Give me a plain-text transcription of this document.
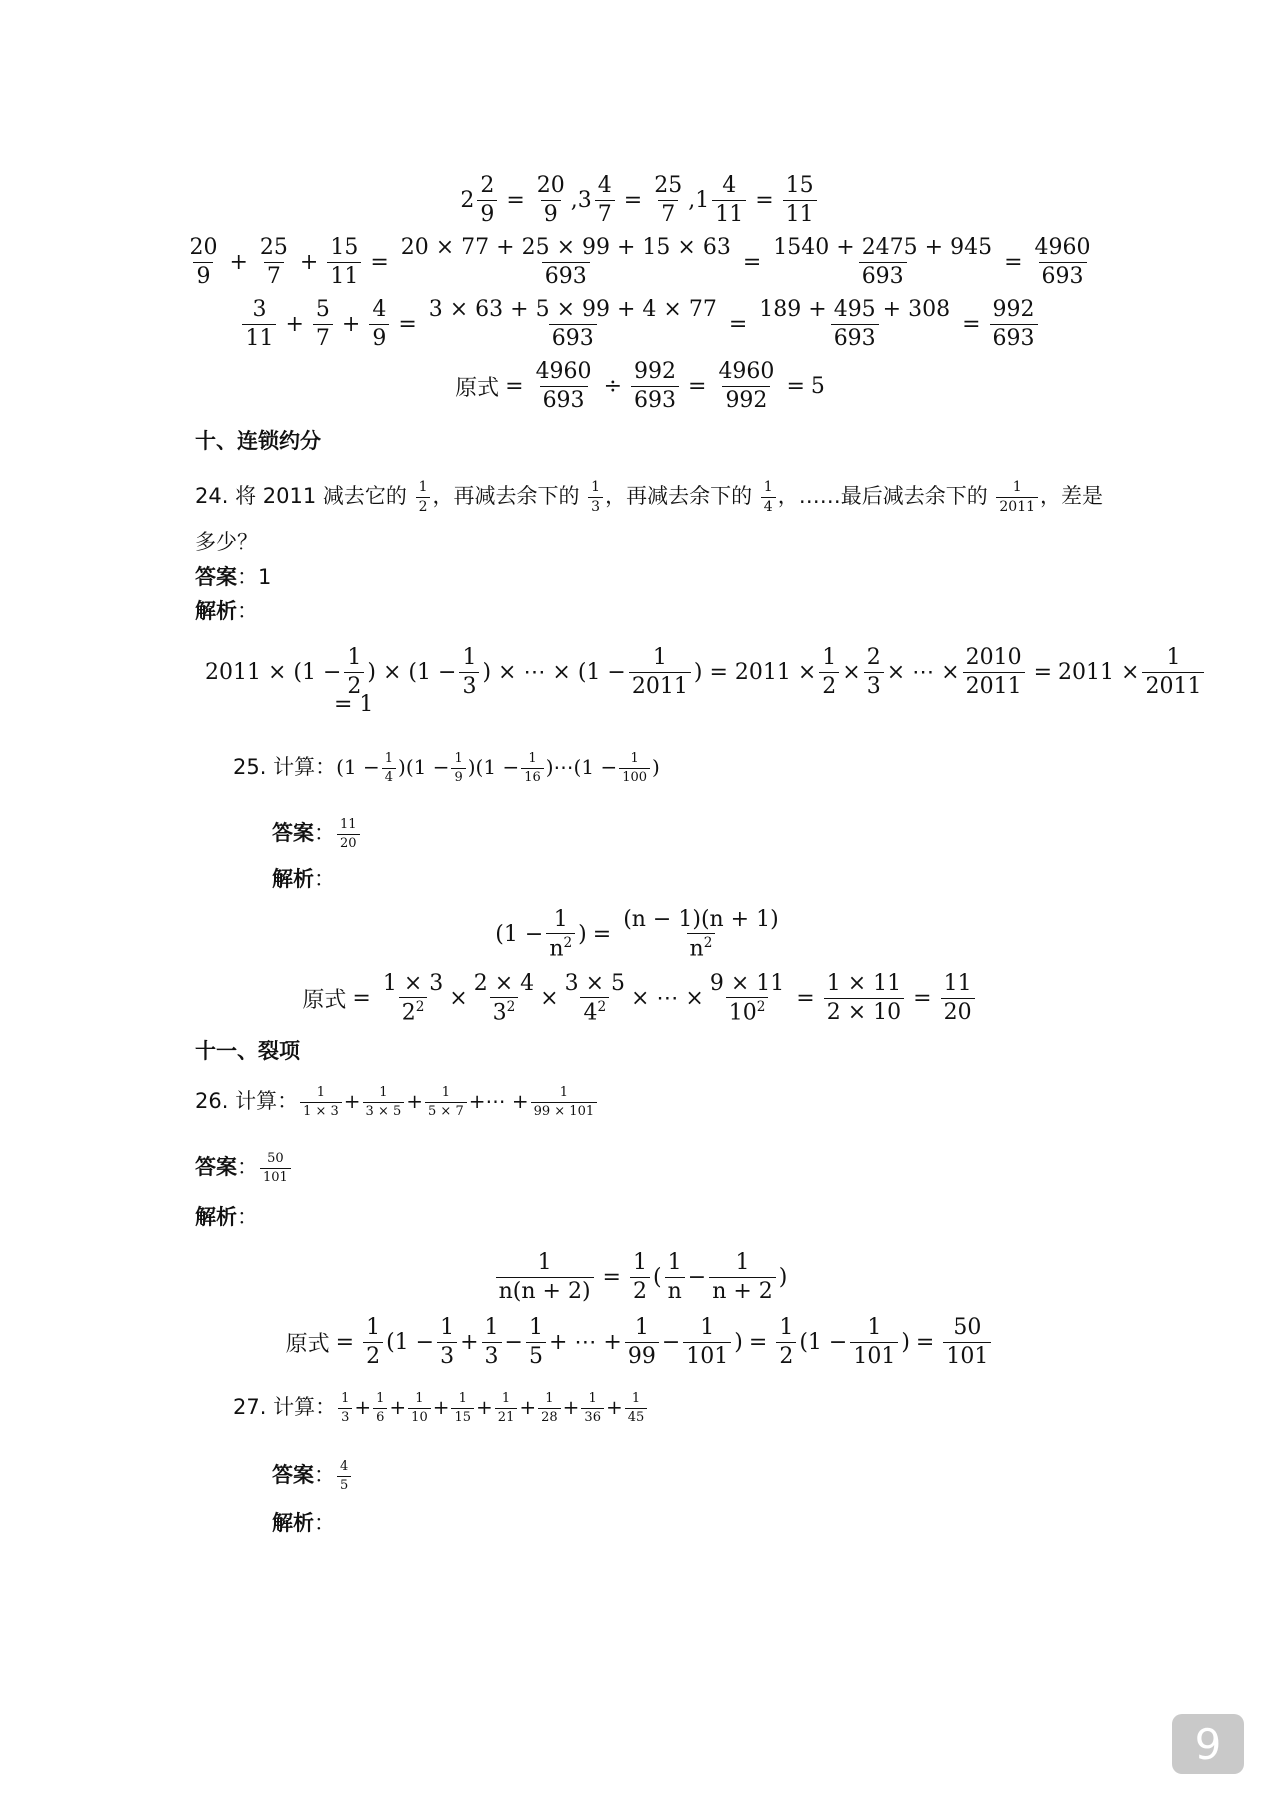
$2 \frac{2}{9} = \frac{20}{9} ,3 \frac{4}{7} = \frac{25}{7} ,1 \frac{4}{11} = \frac{15}{11}$
$\frac{20}{9} + \frac{25}{7} + \frac{15}{11} = \frac{20 \times 77 + 25 \times 99 + 15 \times 63}{693} = \frac{1540 + 2475 + 945}{693} = \frac{4960}{693}$
$\frac{3}{11} + \frac{5}{7} + \frac{4}{9} = \frac{3 \times 63 + 5 \times 99 + 4 \times 77}{693} = \frac{189 + 495 + 308}{693} = \frac{992}{693}$
原式 = $\frac{4960}{693} \div \frac{992}{693} = \frac{4960}{992} = 5$
十、连锁约分
24. 将 2011 减去它的 $\frac{1}{2}$ ，再减去余下的 $\frac{1}{3}$ ，再减去余下的 $\frac{1}{4}$ ，……最后减去余下的 $\frac{1}{2011}$ ，差是
多少？
答案：1
解析：
$2011 \times (1 - \frac{1}{2}$ ) × ($1 - \frac{1}{3}$ ) × ⋯ × ($1 - \frac{1}{2011}$ ) = $2011 \times \frac{1}{2} \times \frac{2}{3}$ × ⋯ × $\frac{2010}{2011} = 2011 \times \frac{1}{2011}$
= 1
25. 计算：$(1 - \frac{1}{4} )(1 - \frac{1}{9} )(1 - \frac{1}{16}$ )⋯(1 − $\frac{1}{100}$ )
答案： $\frac{11}{20}$
解析：
($1 - \frac{1}{n^2}$ ) = $\frac{(n - 1)(n + 1)}{n^2}$
原式 = $\frac{1 \times 3}{2^2} \times \frac{2 \times 4}{3^2} \times \frac{3 \times 5}{4^2}$ × ⋯ × $\frac{9 \times 11}{10^2} = \frac{1 \times 11}{2 \times 10} = \frac{11}{20}$
十一、裂项
26. 计算： $\frac{1}{1 \times 3} + \frac{1}{3 \times 5} + \frac{1}{5 \times 7}$ +⋯ + $\frac{1}{99 \times 101}$
答案： $\frac{50}{101}$
解析：
$\frac{1}{n(n + 2)} = \frac{1}{2}$ ( $\frac{1}{n} - \frac{1}{n + 2}$ )
原式 = $\frac{1}{2} (1 - \frac{1}{3} + \frac{1}{3} - \frac{1}{5}$ + ⋯ + $\frac{1}{99} - \frac{1}{101}$ ) = $\frac{1}{2} (1 - \frac{1}{101}$ ) = $\frac{50}{101}$
27. 计算： $\frac{1}{3} + \frac{1}{6} + \frac{1}{10} + \frac{1}{15} + \frac{1}{21} + \frac{1}{28} + \frac{1}{36} + \frac{1}{45}$
答案： $\frac{4}{5}$
解析：
9
